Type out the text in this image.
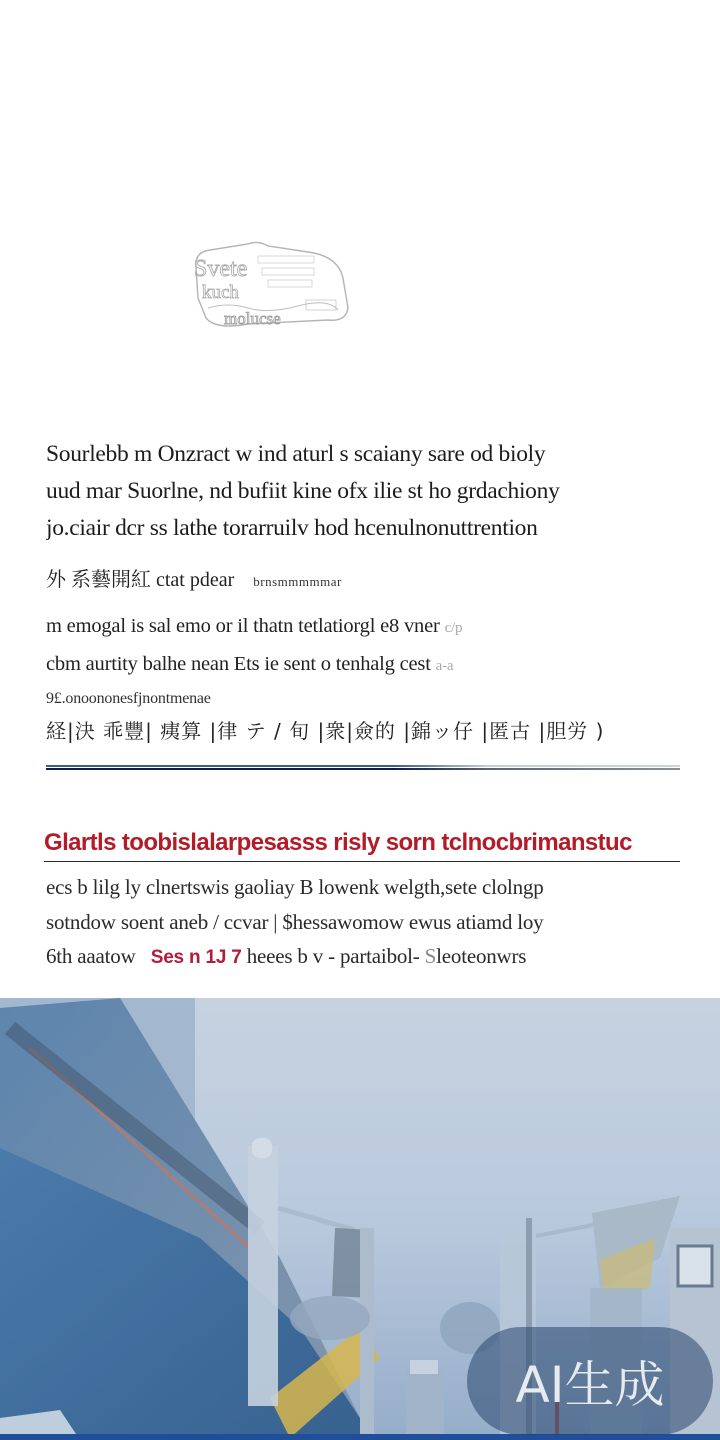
Svete
kuch
molucse
Sourlebb m Onzract w ind aturl s scaiany sare od bioly
uud mar Suorlne, nd bufiit kine ofx ilie st ho grdachiony
jo.ciair dcr ss lathe torarruilv hod hcenulnonuttrention
外 系藝開紅 ctat pdear brnsmmmmmar
m emogal is sal emo or il thatn tetlatiorgl e8 vner c/p
cbm aurtity balhe nean Ets ie sent o tenhalg cest a-a
9£.onoononesfjnontmenae
経|決 乖豐| 痍算 |律 テ / 旬 |衆|僉的 |錦ッ仔 |匿古 |胆労 )
Glartls toobislalarpesasss risly sorn tclnocbrimanstuc
ecs b lilg ly clnertswis gaoliay B lowenk welgth,sete clolngp
sotndow soent aneb / ccvar | $hessawomow ewus atiamd loy
6th aaatow Ses n 1J 7 heees b v - partaibol- Sleoteonwrs
AI生成
